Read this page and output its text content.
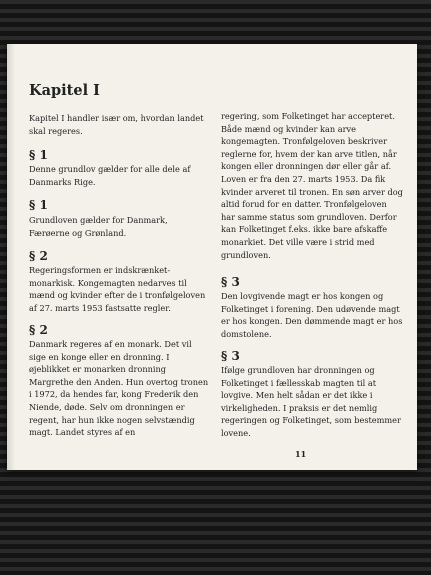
Kapitel I

Kapitel I handler især om, hvordan landet skal regeres.

§ 1

Denne grundlov gælder for alle dele af Danmarks Rige.

§ 1

Grundloven gælder for Danmark, Færøerne og Grønland.

§ 2

Regeringsformen er indskrænket-monarkisk. Kongemagten nedarves til mænd og kvinder efter de i tronfølgeloven af 27. marts 1953 fastsatte regler.

§ 2

Danmark regeres af en monark. Det vil sige en konge eller en dronning. I øjeblikket er monarken dronning Margrethe den Anden. Hun overtog tronen i 1972, da hendes far, kong Frederik den Niende, døde. Selv om dronningen er regent, har hun ikke nogen selvstændig magt. Landet styres af en

regering, som Folketinget har accepteret. Både mænd og kvinder kan arve kongemagten. Tronfølgeloven beskriver reglerne for, hvem der kan arve titlen, når kongen eller dronningen dør eller går af. Loven er fra den 27. marts 1953. Da fik kvinder arveret til tronen. En søn arver dog altid forud for en datter. Tronfølgeloven har samme status som grundloven. Derfor kan Folketinget f.eks. ikke bare afskaffe monarkiet. Det ville være i strid med grundloven.

§ 3

Den lovgivende magt er hos kongen og Folketinget i forening. Den udøvende magt er hos kongen. Den dømmende magt er hos domstolene.

§ 3

Ifølge grundloven har dronningen og Folketinget i fællesskab magten til at lovgive. Men helt sådan er det ikke i virkeligheden. I praksis er det nemlig regeringen og Folketinget, som bestemmer lovene.

11
